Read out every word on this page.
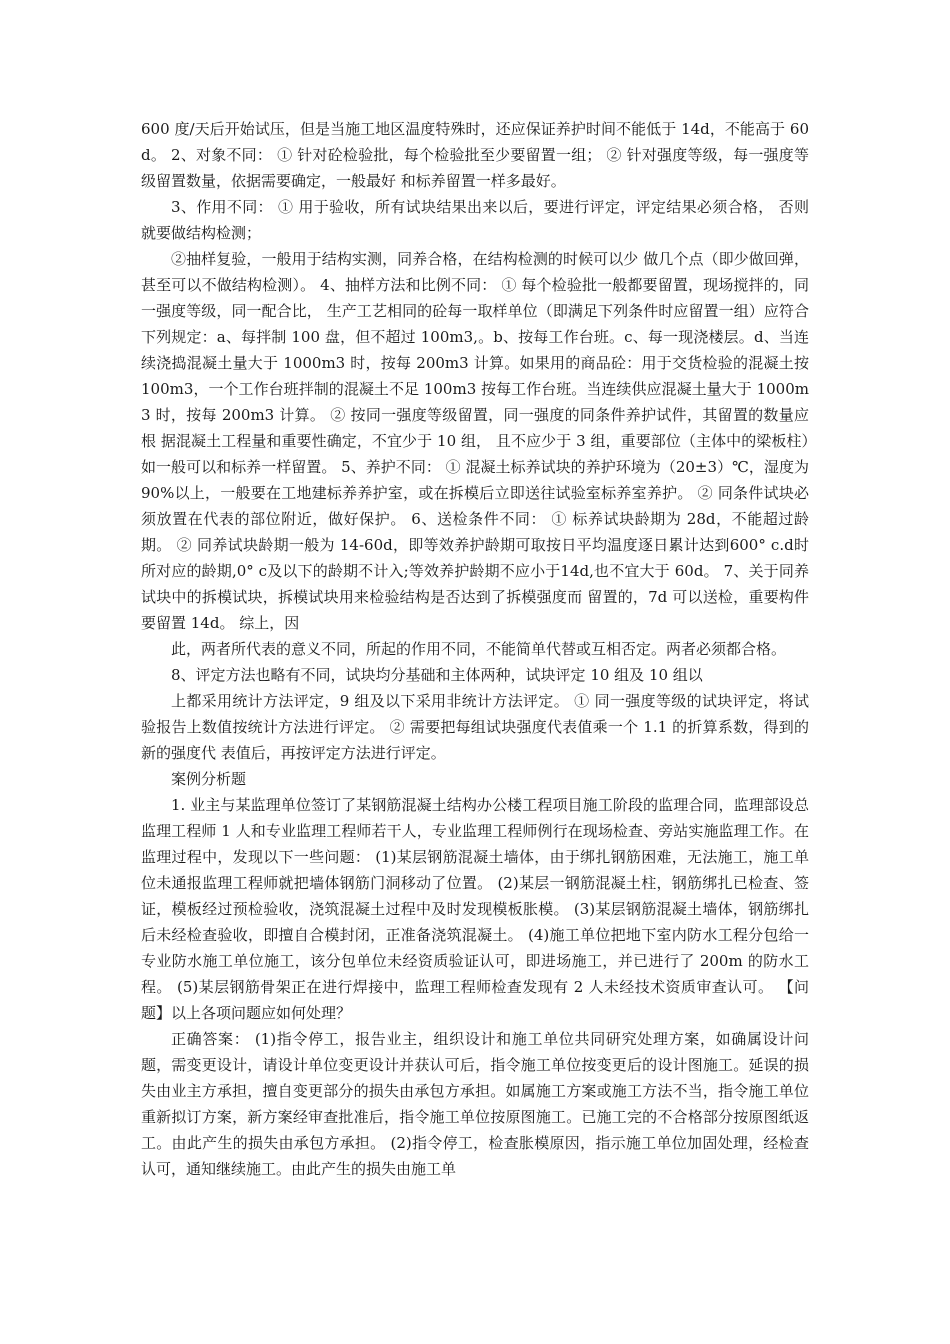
600 度/天后开始试压，但是当施工地区温度特殊时，还应保证养护时间不能低于 14d，不能高于 60d。 2、对象不同： ① 针对砼检验批，每个检验批至少要留置一组； ② 针对强度等级，每一强度等级留置数量，依据需要确定，一般最好 和标养留置一样多最好。

3、作用不同： ① 用于验收，所有试块结果出来以后，要进行评定，评定结果必须合格， 否则就要做结构检测；

②抽样复验，一般用于结构实测，同养合格，在结构检测的时候可以少 做几个点（即少做回弹，甚至可以不做结构检测）。 4、抽样方法和比例不同： ① 每个检验批一般都要留置，现场搅拌的，同一强度等级，同一配合比， 生产工艺相同的砼每一取样单位（即满足下列条件时应留置一组）应符合下列规定：a、每拌制 100 盘，但不超过 100m3,。b、按每工作台班。c、每一现浇楼层。d、当连续浇捣混凝土量大于 1000m3 时，按每 200m3 计算。如果用的商品砼：用于交货检验的混凝土按 100m3，一个工作台班拌制的混凝土不足 100m3 按每工作台班。当连续供应混凝土量大于 1000m3 时，按每 200m3 计算。 ② 按同一强度等级留置，同一强度的同条件养护试件，其留置的数量应根 据混凝土工程量和重要性确定，不宜少于 10 组， 且不应少于 3 组，重要部位（主体中的梁板柱）如一般可以和标养一样留置。 5、养护不同： ① 混凝土标养试块的养护环境为（20±3）℃，湿度为 90%以上，一般要在工地建标养养护室，或在拆模后立即送往试验室标养室养护。 ② 同条件试块必须放置在代表的部位附近，做好保护。 6、送检条件不同： ① 标养试块龄期为 28d，不能超过龄期。 ② 同养试块龄期一般为 14-60d，即等效养护龄期可取按日平均温度逐日累计达到600° c.d时所对应的龄期,0° c及以下的龄期不计入;等效养护龄期不应小于14d,也不宜大于 60d。 7、关于同养试块中的拆模试块，拆模试块用来检验结构是否达到了拆模强度而 留置的，7d 可以送检，重要构件要留置 14d。 综上，因

此，两者所代表的意义不同，所起的作用不同，不能简单代替或互相否定。两者必须都合格。

8、评定方法也略有不同，试块均分基础和主体两种，试块评定 10 组及 10 组以

上都采用统计方法评定，9 组及以下采用非统计方法评定。 ① 同一强度等级的试块评定，将试验报告上数值按统计方法进行评定。 ② 需要把每组试块强度代表值乘一个 1.1 的折算系数，得到的新的强度代 表值后，再按评定方法进行评定。

案例分析题

1. 业主与某监理单位签订了某钢筋混凝土结构办公楼工程项目施工阶段的监理合同，监理部设总监理工程师 1 人和专业监理工程师若干人，专业监理工程师例行在现场检查、旁站实施监理工作。在监理过程中，发现以下一些问题： (1)某层钢筋混凝土墙体，由于绑扎钢筋困难，无法施工，施工单位未通报监理工程师就把墙体钢筋门洞移动了位置。 (2)某层一钢筋混凝土柱，钢筋绑扎已检查、签证，模板经过预检验收，浇筑混凝土过程中及时发现模板胀模。 (3)某层钢筋混凝土墙体，钢筋绑扎后未经检查验收，即擅自合模封闭，正准备浇筑混凝土。 (4)施工单位把地下室内防水工程分包给一专业防水施工单位施工，该分包单位未经资质验证认可，即进场施工，并已进行了 200m 的防水工程。 (5)某层钢筋骨架正在进行焊接中，监理工程师检查发现有 2 人未经技术资质审查认可。 【问题】以上各项问题应如何处理？

正确答案： (1)指令停工，报告业主，组织设计和施工单位共同研究处理方案，如确属设计问题，需变更设计，请设计单位变更设计并获认可后，指令施工单位按变更后的设计图施工。延误的损失由业主方承担，擅自变更部分的损失由承包方承担。如属施工方案或施工方法不当，指令施工单位重新拟订方案，新方案经审查批准后，指令施工单位按原图施工。已施工完的不合格部分按原图纸返工。由此产生的损失由承包方承担。 (2)指令停工，检查胀模原因，指示施工单位加固处理，经检查认可，通知继续施工。由此产生的损失由施工单
